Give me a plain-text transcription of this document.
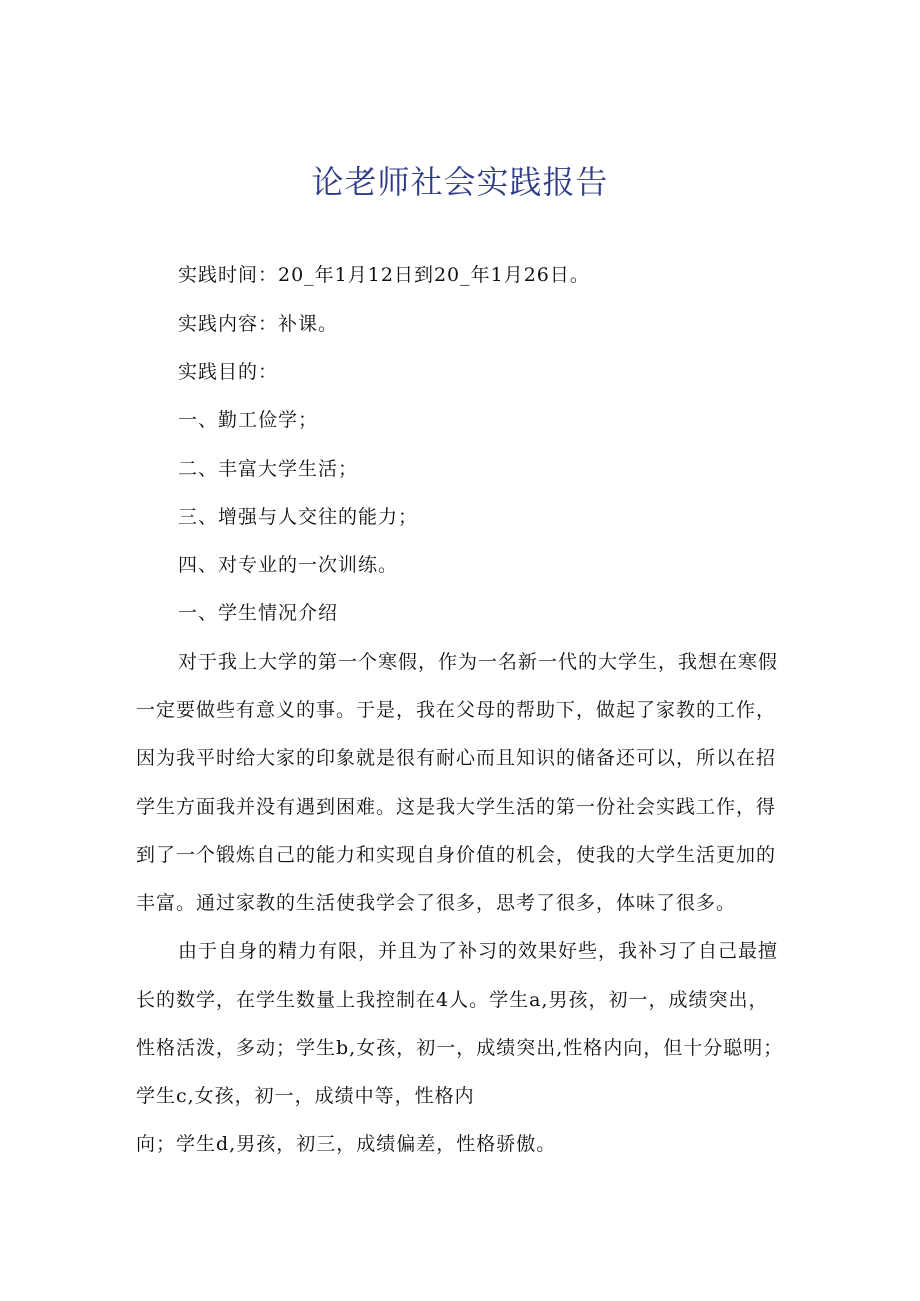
论老师社会实践报告
实践时间：20_年1月12日到20_年1月26日。
实践内容：补课。
实践目的：
一、勤工俭学；
二、丰富大学生活；
三、增强与人交往的能力；
四、对专业的一次训练。
一、学生情况介绍
对于我上大学的第一个寒假，作为一名新一代的大学生，我想在寒假
一定要做些有意义的事。于是，我在父母的帮助下，做起了家教的工作，
因为我平时给大家的印象就是很有耐心而且知识的储备还可以，所以在招
学生方面我并没有遇到困难。这是我大学生活的第一份社会实践工作，得
到了一个锻炼自己的能力和实现自身价值的机会，使我的大学生活更加的
丰富。通过家教的生活使我学会了很多，思考了很多，体味了很多。
由于自身的精力有限，并且为了补习的效果好些，我补习了自己最擅
长的数学，在学生数量上我控制在4人。学生a,男孩，初一，成绩突出，
性格活泼，多动；学生b,女孩，初一，成绩突出,性格内向，但十分聪明；
学生c,女孩，初一，成绩中等，性格内
向；学生d,男孩，初三，成绩偏差，性格骄傲。
